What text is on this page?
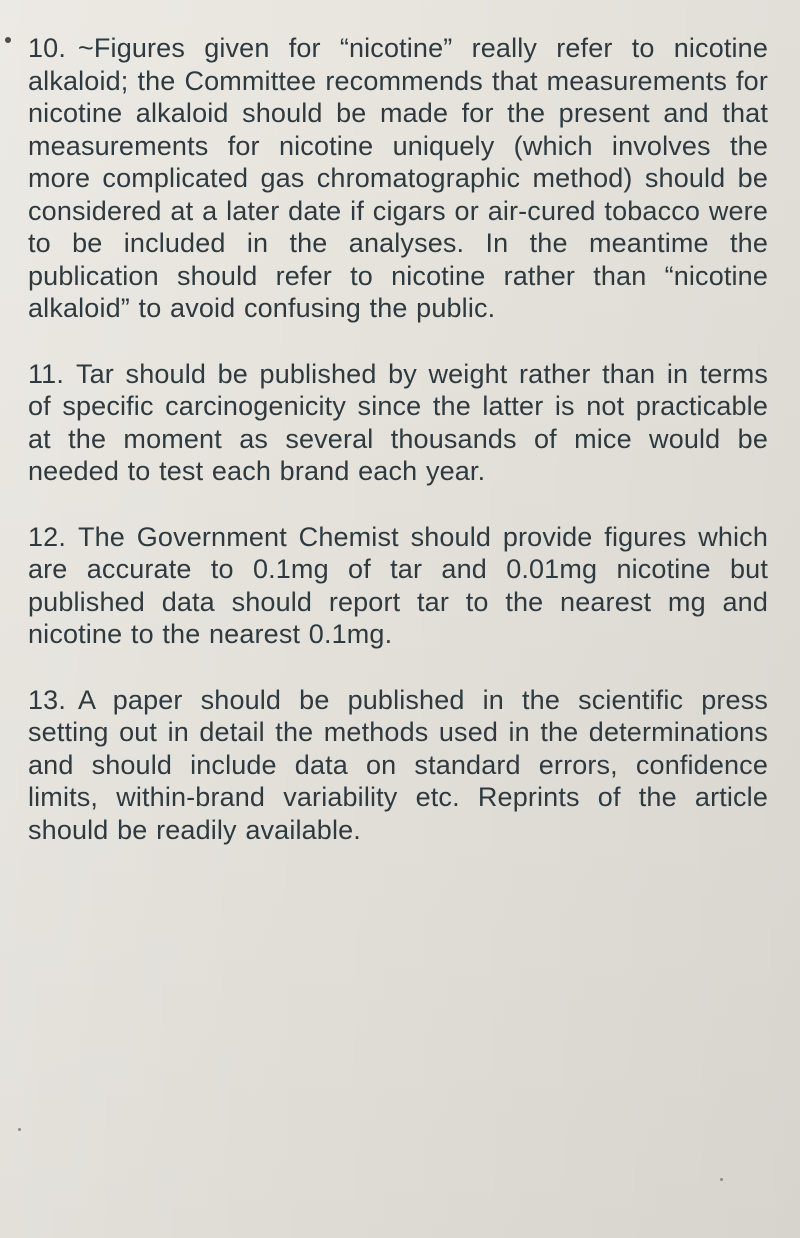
10. ~Figures given for “nicotine” really refer to nicotine alkaloid; the Committee recommends that measurements for nicotine alkaloid should be made for the present and that measurements for nicotine uniquely (which involves the more complicated gas chromatographic method) should be considered at a later date if cigars or air-cured tobacco were to be included in the analyses. In the meantime the publication should refer to nicotine rather than “nicotine alkaloid” to avoid confusing the public.

11. Tar should be published by weight rather than in terms of specific carcinogenicity since the latter is not practicable at the moment as several thousands of mice would be needed to test each brand each year.

12. The Government Chemist should provide figures which are accurate to 0.1mg of tar and 0.01mg nicotine but published data should report tar to the nearest mg and nicotine to the nearest 0.1mg.

13. A paper should be published in the scientific press setting out in detail the methods used in the determinations and should include data on standard errors, confidence limits, within-brand variability etc. Reprints of the article should be readily available.
